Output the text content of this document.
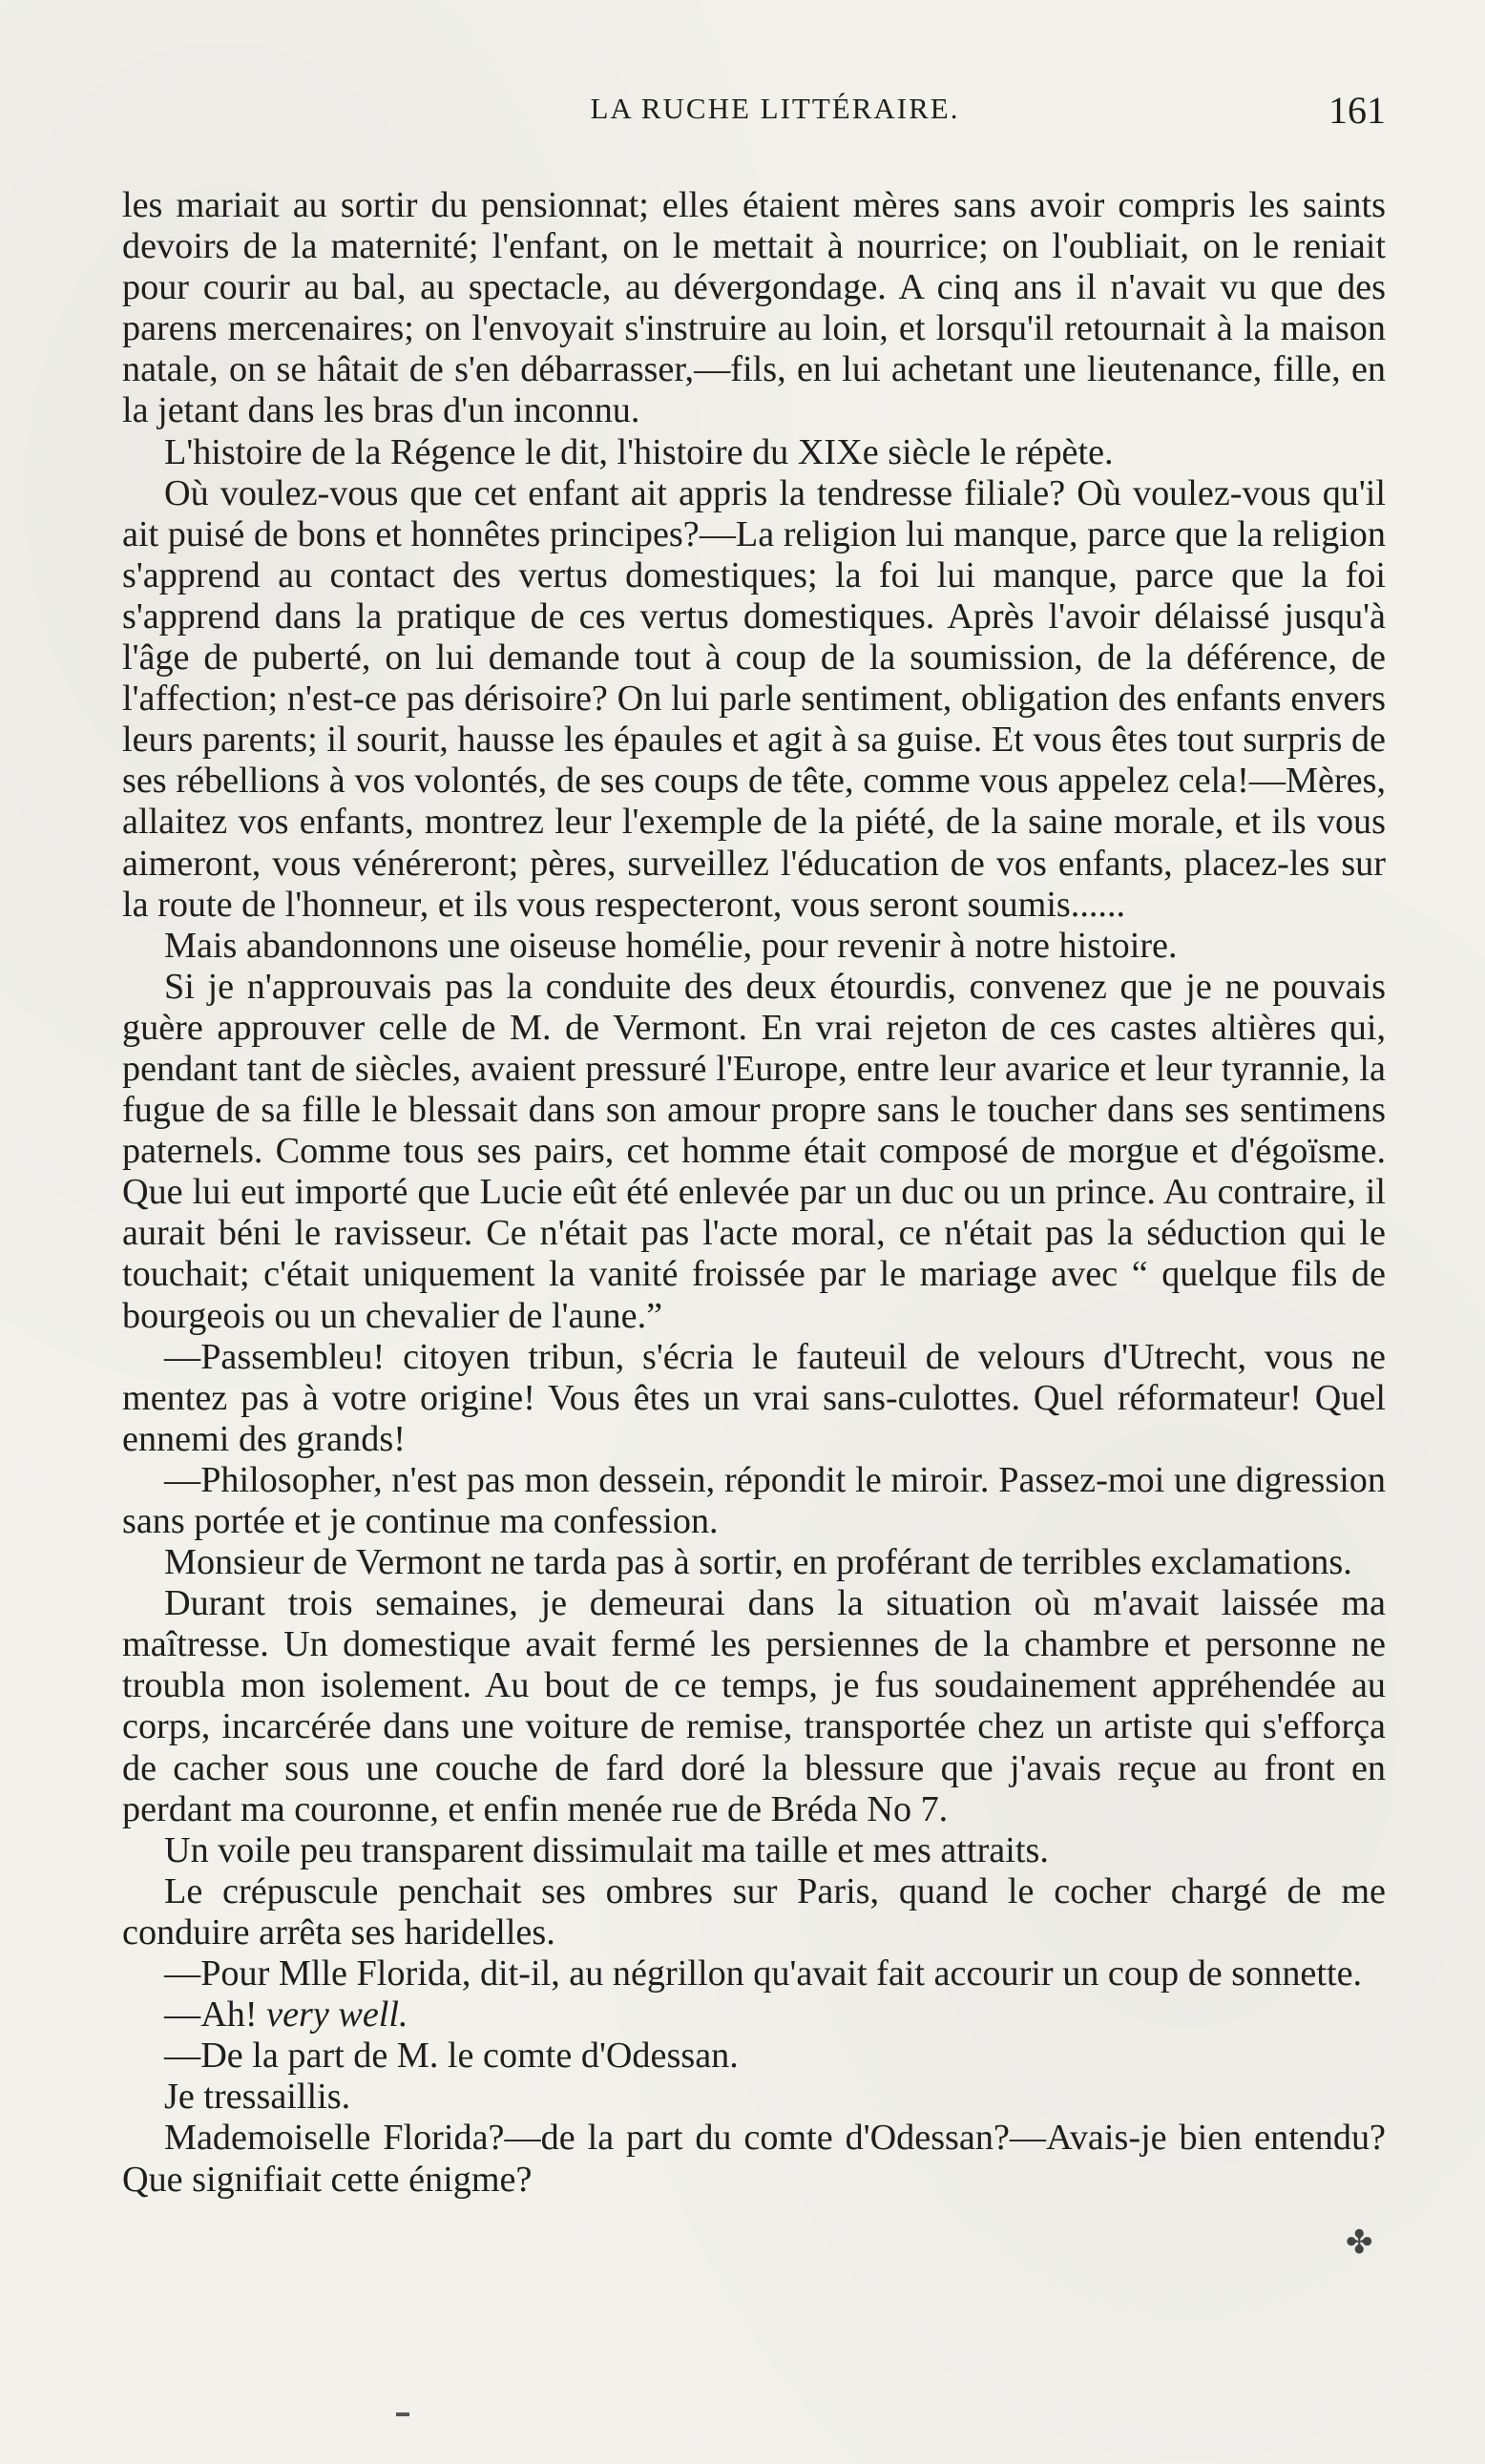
LA RUCHE LITTÉRAIRE.	161

les mariait au sortir du pensionnat; elles étaient mères sans avoir compris les saints devoirs de la maternité; l'enfant, on le mettait à nourrice; on l'oubliait, on le reniait pour courir au bal, au spectacle, au dévergondage. A cinq ans il n'avait vu que des parens mercenaires; on l'envoyait s'instruire au loin, et lorsqu'il retournait à la maison natale, on se hâtait de s'en débarrasser,—fils, en lui achetant une lieutenance, fille, en la jetant dans les bras d'un inconnu.

L'histoire de la Régence le dit, l'histoire du XIXe siècle le répète.

Où voulez-vous que cet enfant ait appris la tendresse filiale? Où voulez-vous qu'il ait puisé de bons et honnêtes principes?—La religion lui manque, parce que la religion s'apprend au contact des vertus domestiques; la foi lui manque, parce que la foi s'apprend dans la pratique de ces vertus domestiques. Après l'avoir délaissé jusqu'à l'âge de puberté, on lui demande tout à coup de la soumission, de la déférence, de l'affection; n'est-ce pas dérisoire? On lui parle sentiment, obligation des enfants envers leurs parents; il sourit, hausse les épaules et agit à sa guise. Et vous êtes tout surpris de ses rébellions à vos volontés, de ses coups de tête, comme vous appelez cela!—Mères, allaitez vos enfants, montrez leur l'exemple de la piété, de la saine morale, et ils vous aimeront, vous vénéreront; pères, surveillez l'éducation de vos enfants, placez-les sur la route de l'honneur, et ils vous respecteront, vous seront soumis......

Mais abandonnons une oiseuse homélie, pour revenir à notre histoire.

Si je n'approuvais pas la conduite des deux étourdis, convenez que je ne pouvais guère approuver celle de M. de Vermont. En vrai rejeton de ces castes altières qui, pendant tant de siècles, avaient pressuré l'Europe, entre leur avarice et leur tyrannie, la fugue de sa fille le blessait dans son amour propre sans le toucher dans ses sentimens paternels. Comme tous ses pairs, cet homme était composé de morgue et d'égoïsme. Que lui eut importé que Lucie eût été enlevée par un duc ou un prince. Au contraire, il aurait béni le ravisseur. Ce n'était pas l'acte moral, ce n'était pas la séduction qui le touchait; c'était uniquement la vanité froissée par le mariage avec “ quelque fils de bourgeois ou un chevalier de l'aune.”

—Passembleu! citoyen tribun, s'écria le fauteuil de velours d'Utrecht, vous ne mentez pas à votre origine! Vous êtes un vrai sans-culottes. Quel réformateur! Quel ennemi des grands!

—Philosopher, n'est pas mon dessein, répondit le miroir. Passez-moi une digression sans portée et je continue ma confession.

Monsieur de Vermont ne tarda pas à sortir, en proférant de terribles exclamations.

Durant trois semaines, je demeurai dans la situation où m'avait laissée ma maîtresse. Un domestique avait fermé les persiennes de la chambre et personne ne troubla mon isolement. Au bout de ce temps, je fus soudainement appréhendée au corps, incarcérée dans une voiture de remise, transportée chez un artiste qui s'efforça de cacher sous une couche de fard doré la blessure que j'avais reçue au front en perdant ma couronne, et enfin menée rue de Bréda No 7.

Un voile peu transparent dissimulait ma taille et mes attraits.

Le crépuscule penchait ses ombres sur Paris, quand le cocher chargé de me conduire arrêta ses haridelles.

—Pour Mlle Florida, dit-il, au négrillon qu'avait fait accourir un coup de sonnette.

—Ah! very well.

—De la part de M. le comte d'Odessan.

Je tressaillis.

Mademoiselle Florida?—de la part du comte d'Odessan?—Avais-je bien entendu? Que signifiait cette énigme?

✤
